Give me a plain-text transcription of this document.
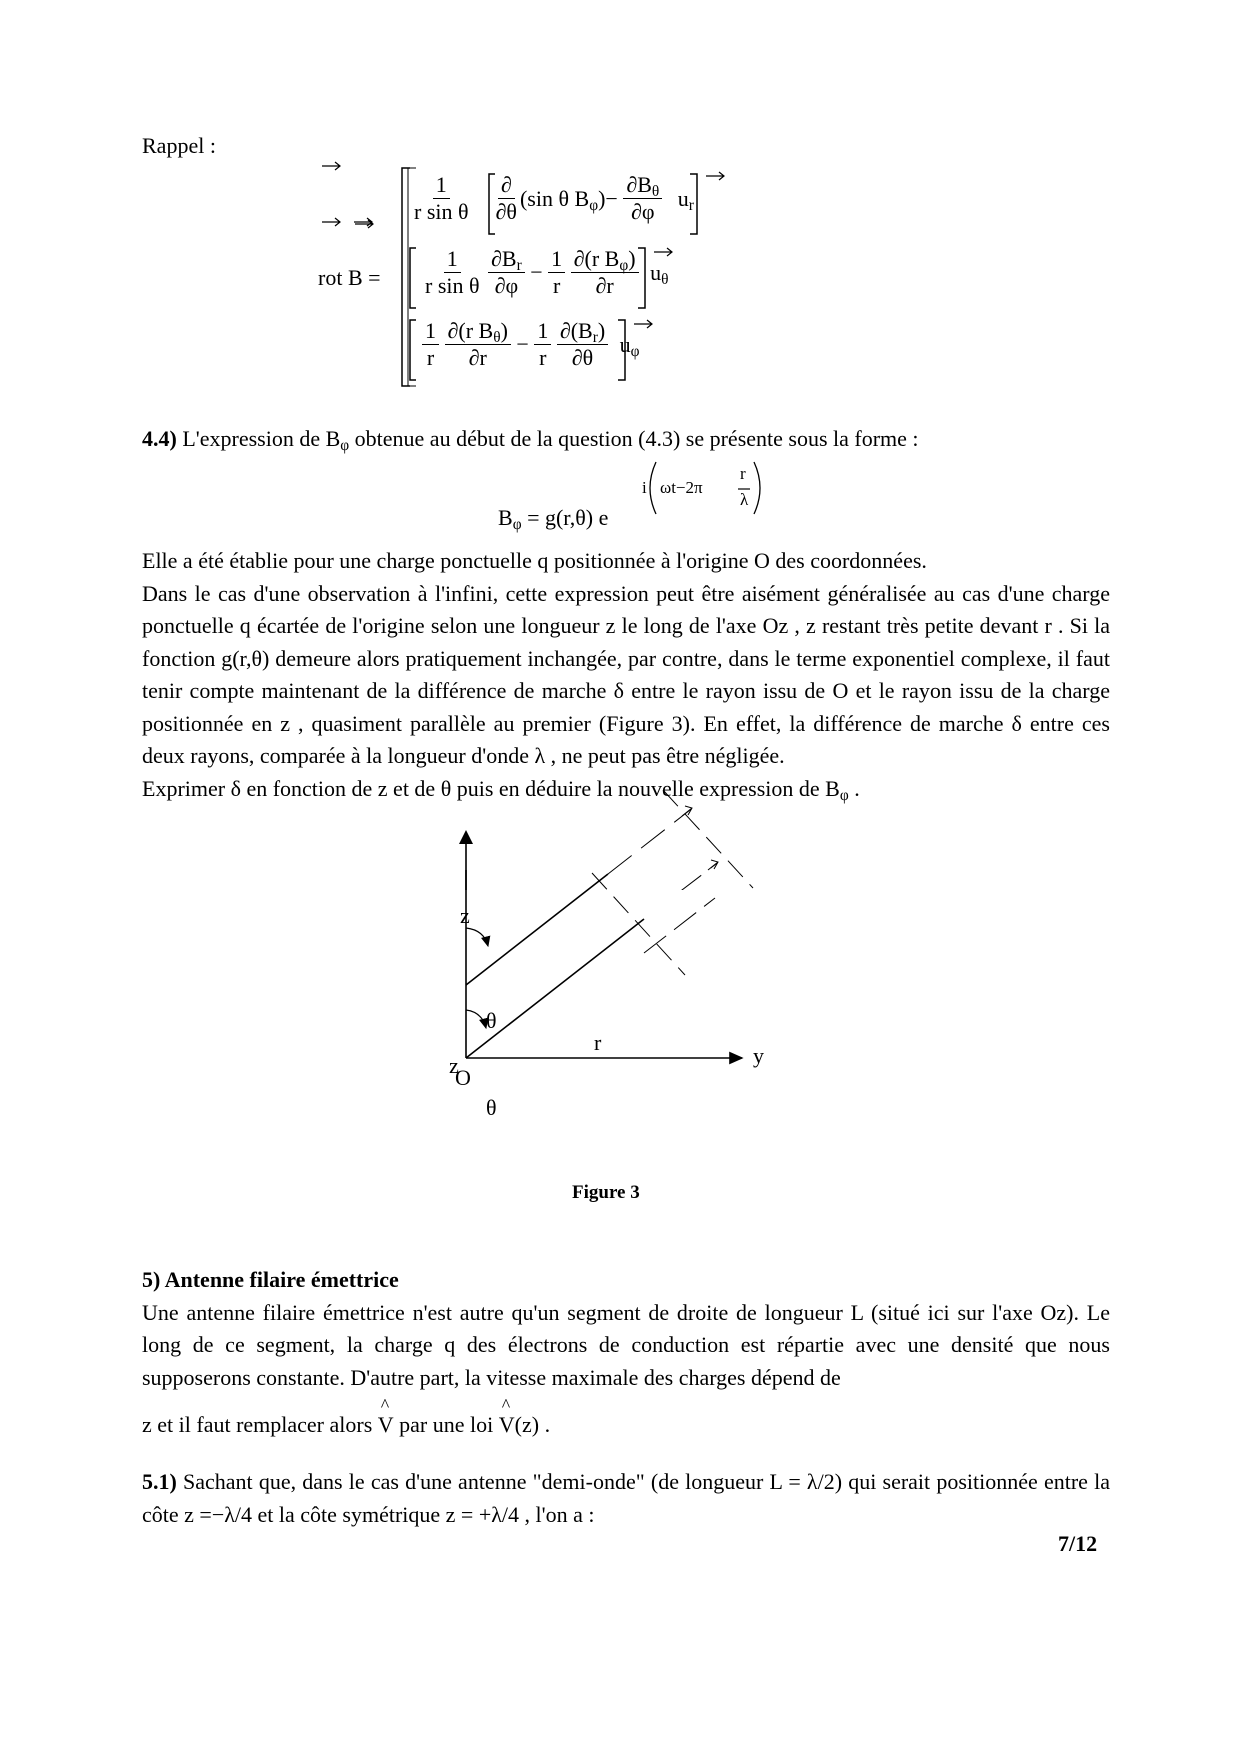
Rappel :
rot B =
$\frac{1}{\text{r sin θ}}$
$\frac{\partial}{\partial\theta} (\sin$ θ $B_\varphi)- \frac{\partial B_\theta}{\partial\varphi} u_r$
$\frac{1}{\text{r sin θ}}$
$\frac{\partial B_r}{\partial\varphi} - \frac{1}{r}$
$\frac{\partial(r B_\varphi)}{\partial r} u_\theta$
$\frac{1}{r}$
$\frac{\partial(r B_\theta)}{\partial r} - \frac{1}{r}$
$\frac{\partial(B_r)}{\partial\theta} u_\varphi$
4.4) L'expression de $B_\varphi$ obtenue au début de la question (4.3) se présente sous la forme :
$B_\varphi = g(r,\theta)$ e
i ωt−2π
r
λ

Elle a été établie pour une charge ponctuelle q positionnée à l'origine O des coordonnées.

Dans le cas d'une observation à l'infini, cette expression peut être aisément généralisée au cas d'une charge ponctuelle q écartée de l'origine selon une longueur z le long de l'axe Oz , z restant très petite devant r . Si la fonction g(r,θ) demeure alors pratiquement inchangée, par contre, dans le terme exponentiel complexe, il faut tenir compte maintenant de la différence de marche δ entre le rayon issu de O et le rayon issu de la charge positionnée en z , quasiment parallèle au premier (Figure 3). En effet, la différence de marche δ entre ces deux rayons, comparée à la longueur d'onde λ , ne peut pas être négligée.

Exprimer δ en fonction de z et de θ puis en déduire la nouvelle expression de $B_\varphi$ .

z
y
O
z
θ
θ
r
Figure 3

5) Antenne filaire émettrice

Une antenne filaire émettrice n'est autre qu'un segment de droite de longueur L (situé ici sur l'axe Oz). Le long de ce segment, la charge q des électrons de conduction est répartie avec une densité que nous supposerons constante. D'autre part, la vitesse maximale des charges dépend de

z et il faut remplacer alors
^
V par une loi
^
V(z) .

5.1) Sachant que, dans le cas d'une antenne "demi-onde" (de longueur L = λ/2) qui serait positionnée entre la côte z =−λ/4 et la côte symétrique z = +λ/4 , l'on a :

7/12
